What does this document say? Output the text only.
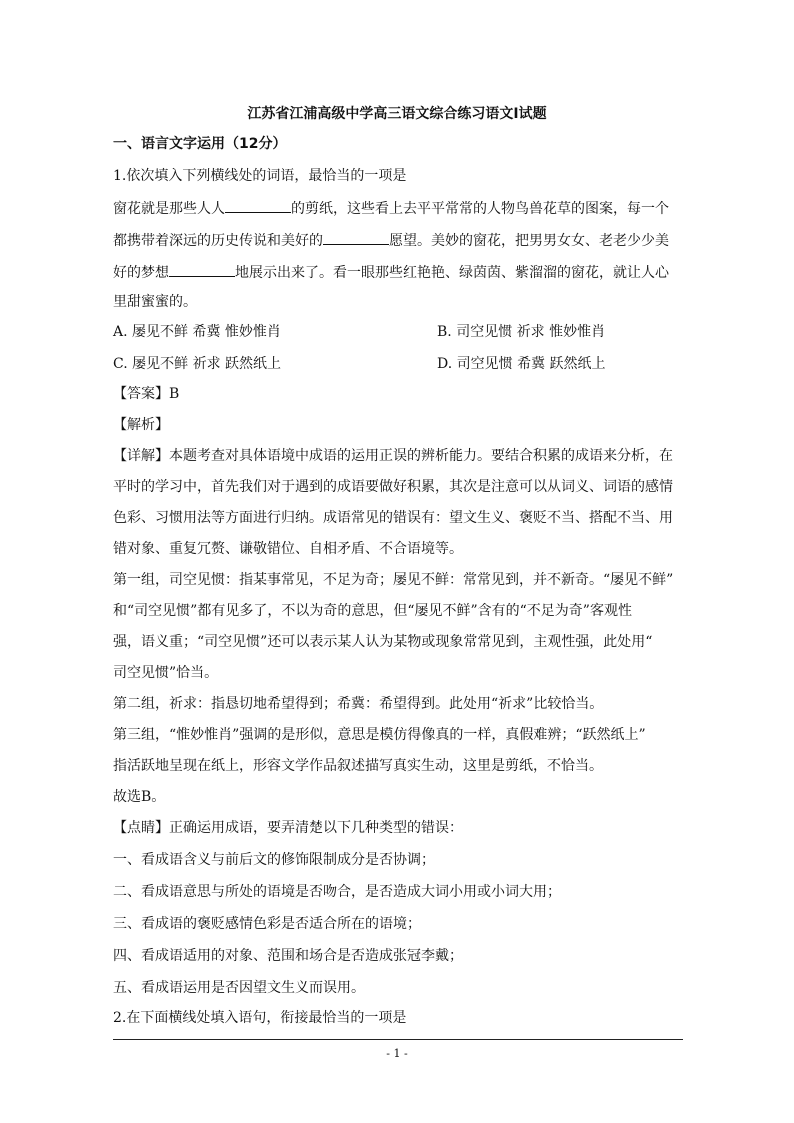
江苏省江浦高级中学高三语文综合练习语文Ⅰ试题
一、语言文字运用（12分）
1.依次填入下列横线处的词语，最恰当的一项是
窗花就是那些人人	的剪纸，这些看上去平平常常的人物鸟兽花草的图案，每一个
都携带着深远的历史传说和美好的	愿望。美妙的窗花，把男男女女、老老少少美
好的梦想	地展示出来了。看一眼那些红艳艳、绿茵茵、紫溜溜的窗花，就让人心
里甜蜜蜜的。
A. 屡见不鲜 希冀 惟妙惟肖	B. 司空见惯 祈求 惟妙惟肖
C. 屡见不鲜 祈求 跃然纸上	D. 司空见惯 希冀 跃然纸上
【答案】B
【解析】
【详解】本题考查对具体语境中成语的运用正误的辨析能力。要结合积累的成语来分析，在
平时的学习中，首先我们对于遇到的成语要做好积累，其次是注意可以从词义、词语的感情
色彩、习惯用法等方面进行归纳。成语常见的错误有：望文生义、褒贬不当、搭配不当、用
错对象、重复冗赘、谦敬错位、自相矛盾、不合语境等。
第一组，司空见惯：指某事常见，不足为奇；屡见不鲜：常常见到，并不新奇。“屡见不鲜”
和“司空见惯”都有见多了，不以为奇的意思，但“屡见不鲜”含有的“不足为奇”客观性
强，语义重；“司空见惯”还可以表示某人认为某物或现象常常见到，主观性强，此处用“
司空见惯”恰当。
第二组，祈求：指恳切地希望得到；希冀：希望得到。此处用“祈求”比较恰当。
第三组，“惟妙惟肖”强调的是形似，意思是模仿得像真的一样，真假难辨；“跃然纸上”
指活跃地呈现在纸上，形容文学作品叙述描写真实生动，这里是剪纸，不恰当。
故选B。
【点睛】正确运用成语，要弄清楚以下几种类型的错误：
一、看成语含义与前后文的修饰限制成分是否协调；
二、看成语意思与所处的语境是否吻合，是否造成大词小用或小词大用；
三、看成语的褒贬感情色彩是否适合所在的语境；
四、看成语适用的对象、范围和场合是否造成张冠李戴；
五、看成语运用是否因望文生义而误用。
2.在下面横线处填入语句，衔接最恰当的一项是
- 1 -
